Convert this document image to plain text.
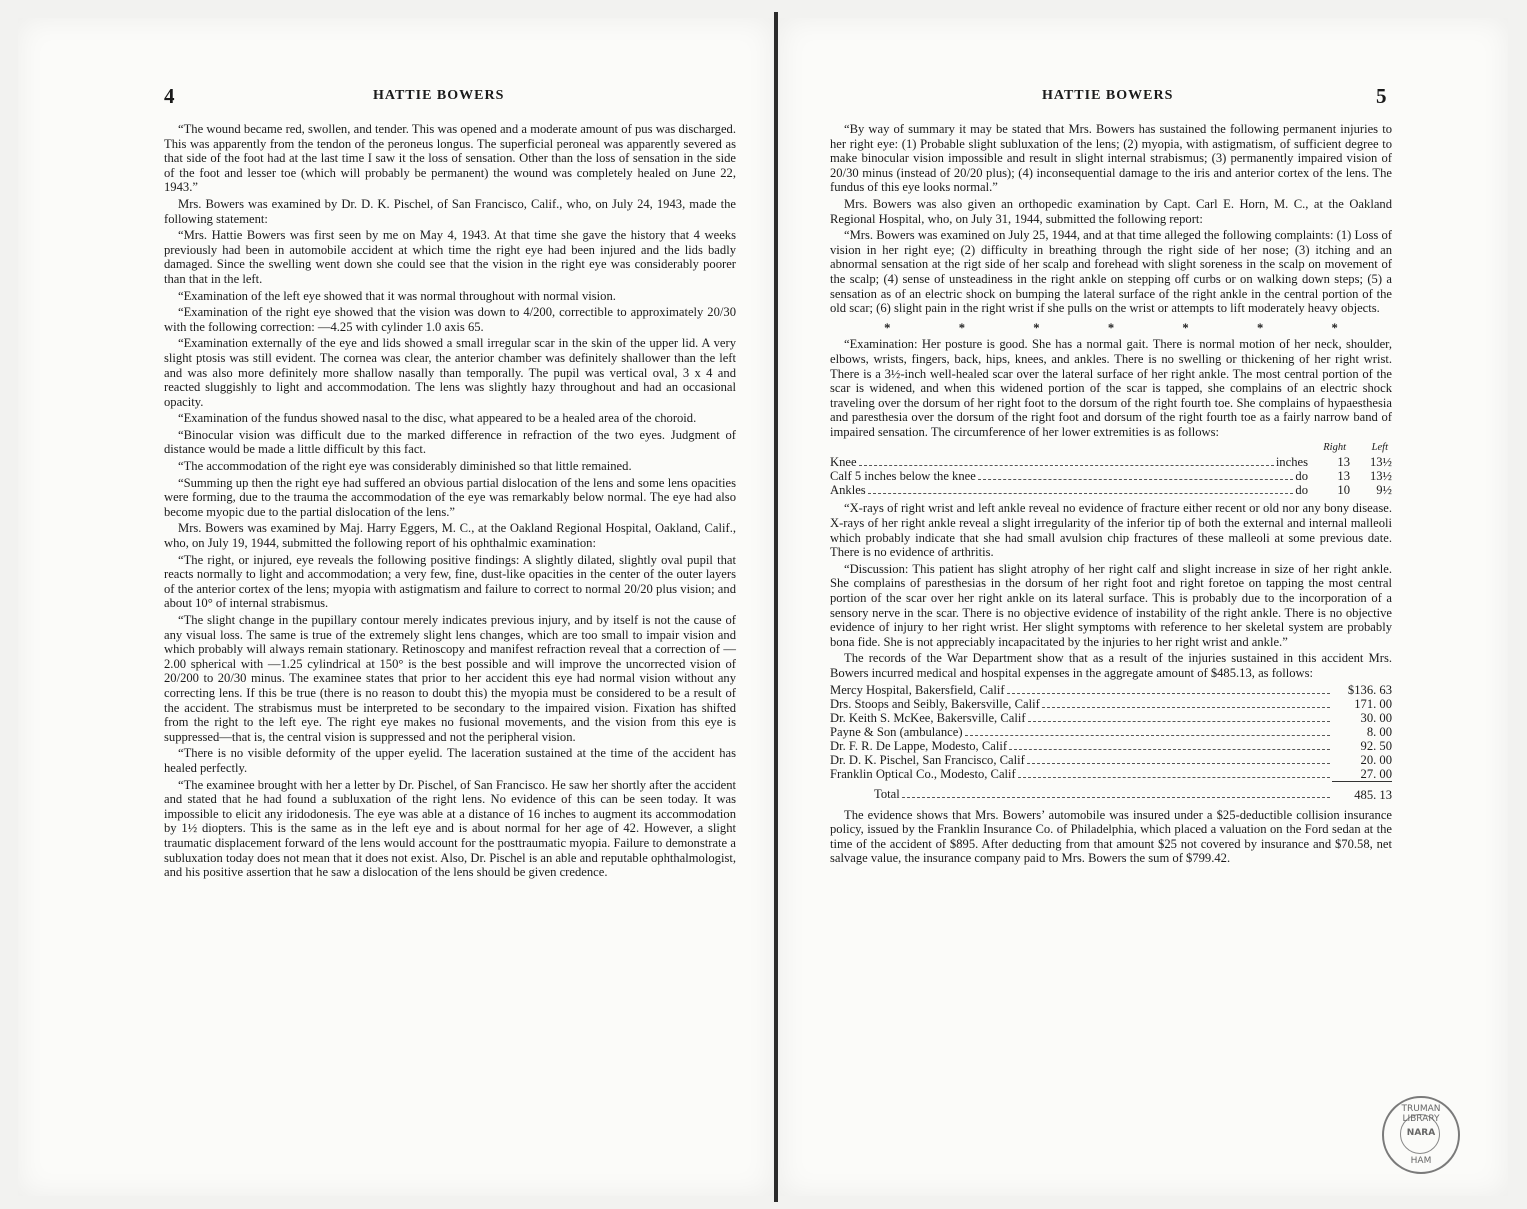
4	HATTIE BOWERS

“The wound became red, swollen, and tender. This was opened and a moderate amount of pus was discharged. This was apparently from the tendon of the peroneus longus. The superficial peroneal was apparently severed as that side of the foot had at the last time I saw it the loss of sensation. Other than the loss of sensation in the side of the foot and lesser toe (which will probably be permanent) the wound was completely healed on June 22, 1943.”

Mrs. Bowers was examined by Dr. D. K. Pischel, of San Francisco, Calif., who, on July 24, 1943, made the following statement:

“Mrs. Hattie Bowers was first seen by me on May 4, 1943. At that time she gave the history that 4 weeks previously had been in automobile accident at which time the right eye had been injured and the lids badly damaged. Since the swelling went down she could see that the vision in the right eye was considerably poorer than that in the left.

“Examination of the left eye showed that it was normal throughout with normal vision.

“Examination of the right eye showed that the vision was down to 4/200, correctible to approximately 20/30 with the following correction: —4.25 with cylinder 1.0 axis 65.

“Examination externally of the eye and lids showed a small irregular scar in the skin of the upper lid. A very slight ptosis was still evident. The cornea was clear, the anterior chamber was definitely shallower than the left and was also more definitely more shallow nasally than temporally. The pupil was vertical oval, 3 x 4 and reacted sluggishly to light and accommodation. The lens was slightly hazy throughout and had an occasional opacity.

“Examination of the fundus showed nasal to the disc, what appeared to be a healed area of the choroid.

“Binocular vision was difficult due to the marked difference in refraction of the two eyes. Judgment of distance would be made a little difficult by this fact.

“The accommodation of the right eye was considerably diminished so that little remained.

“Summing up then the right eye had suffered an obvious partial dislocation of the lens and some lens opacities were forming, due to the trauma the accommodation of the eye was remarkably below normal. The eye had also become myopic due to the partial dislocation of the lens.”

Mrs. Bowers was examined by Maj. Harry Eggers, M. C., at the Oakland Regional Hospital, Oakland, Calif., who, on July 19, 1944, submitted the following report of his ophthalmic examination:

“The right, or injured, eye reveals the following positive findings: A slightly dilated, slightly oval pupil that reacts normally to light and accommodation; a very few, fine, dust-like opacities in the center of the outer layers of the anterior cortex of the lens; myopia with astigmatism and failure to correct to normal 20/20 plus vision; and about 10° of internal strabismus.

“The slight change in the pupillary contour merely indicates previous injury, and by itself is not the cause of any visual loss. The same is true of the extremely slight lens changes, which are too small to impair vision and which probably will always remain stationary. Retinoscopy and manifest refraction reveal that a correction of —2.00 spherical with —1.25 cylindrical at 150° is the best possible and will improve the uncorrected vision of 20/200 to 20/30 minus. The examinee states that prior to her accident this eye had normal vision without any correcting lens. If this be true (there is no reason to doubt this) the myopia must be considered to be a result of the accident. The strabismus must be interpreted to be secondary to the impaired vision. Fixation has shifted from the right to the left eye. The right eye makes no fusional movements, and the vision from this eye is suppressed—that is, the central vision is suppressed and not the peripheral vision.

“There is no visible deformity of the upper eyelid. The laceration sustained at the time of the accident has healed perfectly.

“The examinee brought with her a letter by Dr. Pischel, of San Francisco. He saw her shortly after the accident and stated that he had found a subluxation of the right lens. No evidence of this can be seen today. It was impossible to elicit any iridodonesis. The eye was able at a distance of 16 inches to augment its accommodation by 1½ diopters. This is the same as in the left eye and is about normal for her age of 42. However, a slight traumatic displacement forward of the lens would account for the posttraumatic myopia. Failure to demonstrate a subluxation today does not mean that it does not exist. Also, Dr. Pischel is an able and reputable ophthalmologist, and his positive assertion that he saw a dislocation of the lens should be given credence.

HATTIE BOWERS	5

“By way of summary it may be stated that Mrs. Bowers has sustained the following permanent injuries to her right eye: (1) Probable slight subluxation of the lens; (2) myopia, with astigmatism, of sufficient degree to make binocular vision impossible and result in slight internal strabismus; (3) permanently impaired vision of 20/30 minus (instead of 20/20 plus); (4) inconsequential damage to the iris and anterior cortex of the lens. The fundus of this eye looks normal.”

Mrs. Bowers was also given an orthopedic examination by Capt. Carl E. Horn, M. C., at the Oakland Regional Hospital, who, on July 31, 1944, submitted the following report:

“Mrs. Bowers was examined on July 25, 1944, and at that time alleged the following complaints: (1) Loss of vision in her right eye; (2) difficulty in breathing through the right side of her nose; (3) itching and an abnormal sensation at the rigt side of her scalp and forehead with slight soreness in the scalp on movement of the scalp; (4) sense of unsteadiness in the right ankle on stepping off curbs or on walking down steps; (5) a sensation as of an electric shock on bumping the lateral surface of the right ankle in the central portion of the old scar; (6) slight pain in the right wrist if she pulls on the wrist or attempts to lift moderately heavy objects.

*	*	*	*	*	*	*

“Examination: Her posture is good. She has a normal gait. There is normal motion of her neck, shoulder, elbows, wrists, fingers, back, hips, knees, and ankles. There is no swelling or thickening of her right wrist. There is a 3½-inch well-healed scar over the lateral surface of her right ankle. The most central portion of the scar is widened, and when this widened portion of the scar is tapped, she complains of an electric shock traveling over the dorsum of her right foot to the dorsum of the right fourth toe. She complains of hypaesthesia and paresthesia over the dorsum of the right foot and dorsum of the right fourth toe as a fairly narrow band of impaired sensation. The circumference of her lower extremities is as follows:

	Right	Left

Knee inches	13	13½

Calf 5 inches below the knee do	13	13½

Ankles do	10	9½

“X-rays of right wrist and left ankle reveal no evidence of fracture either recent or old nor any bony disease. X-rays of her right ankle reveal a slight irregularity of the inferior tip of both the external and internal malleoli which probably indicate that she had small avulsion chip fractures of these malleoli at some previous date. There is no evidence of arthritis.

“Discussion: This patient has slight atrophy of her right calf and slight increase in size of her right ankle. She complains of paresthesias in the dorsum of her right foot and right foretoe on tapping the most central portion of the scar over her right ankle on its lateral surface. This is probably due to the incorporation of a sensory nerve in the scar. There is no objective evidence of instability of the right ankle. There is no objective evidence of injury to her right wrist. Her slight symptoms with reference to her skeletal system are probably bona fide. She is not appreciably incapacitated by the injuries to her right wrist and ankle.”

The records of the War Department show that as a result of the injuries sustained in this accident Mrs. Bowers incurred medical and hospital expenses in the aggregate amount of $485.13, as follows:

Mercy Hospital, Bakersfield, Calif	$136. 63

Drs. Stoops and Seibly, Bakersville, Calif	171. 00

Dr. Keith S. McKee, Bakersville, Calif	30. 00

Payne & Son (ambulance)	8. 00

Dr. F. R. De Lappe, Modesto, Calif	92. 50

Dr. D. K. Pischel, San Francisco, Calif	20. 00

Franklin Optical Co., Modesto, Calif	27. 00

Total	485. 13

The evidence shows that Mrs. Bowers’ automobile was insured under a $25-deductible collision insurance policy, issued by the Franklin Insurance Co. of Philadelphia, which placed a valuation on the Ford sedan at the time of the accident of $895. After deducting from that amount $25 not covered by insurance and $70.58, net salvage value, the insurance company paid to Mrs. Bowers the sum of $799.42.

TRUMAN LIBRARY
NARA
HAM
